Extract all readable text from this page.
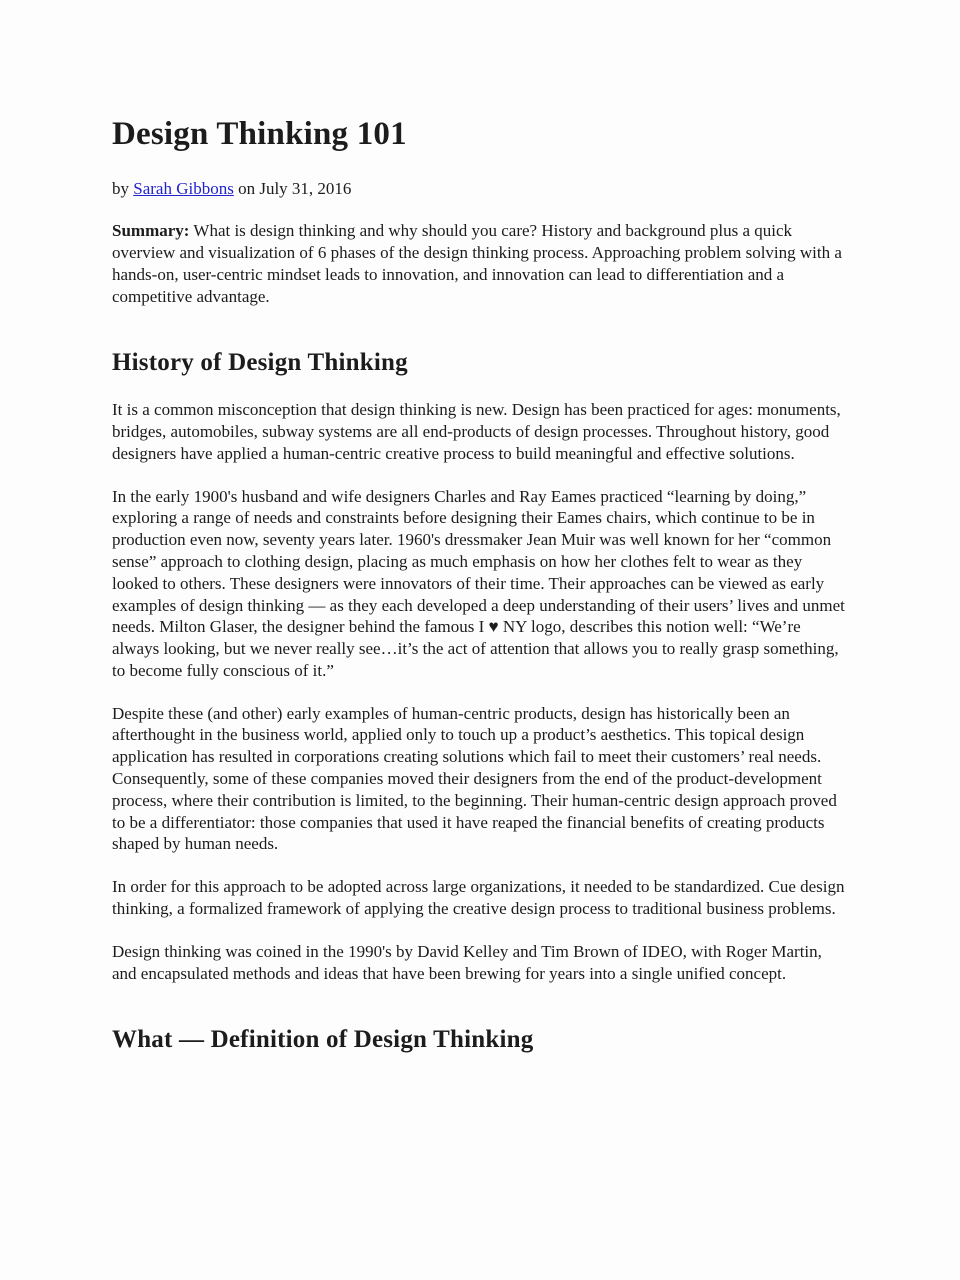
Design Thinking 101
by Sarah Gibbons on July 31, 2016

Summary: What is design thinking and why should you care? History and background plus a quick overview and visualization of 6 phases of the design thinking process. Approaching problem solving with a hands-on, user-centric mindset leads to innovation, and innovation can lead to differentiation and a competitive advantage.

History of Design Thinking

It is a common misconception that design thinking is new. Design has been practiced for ages: monuments, bridges, automobiles, subway systems are all end-products of design processes. Throughout history, good designers have applied a human-centric creative process to build meaningful and effective solutions.

In the early 1900's husband and wife designers Charles and Ray Eames practiced “learning by doing,” exploring a range of needs and constraints before designing their Eames chairs, which continue to be in production even now, seventy years later. 1960's dressmaker Jean Muir was well known for her “common sense” approach to clothing design, placing as much emphasis on how her clothes felt to wear as they looked to others. These designers were innovators of their time. Their approaches can be viewed as early examples of design thinking — as they each developed a deep understanding of their users’ lives and unmet needs. Milton Glaser, the designer behind the famous I ♥ NY logo, describes this notion well: “We’re always looking, but we never really see…it’s the act of attention that allows you to really grasp something, to become fully conscious of it.”

Despite these (and other) early examples of human-centric products, design has historically been an afterthought in the business world, applied only to touch up a product’s aesthetics. This topical design application has resulted in corporations creating solutions which fail to meet their customers’ real needs. Consequently, some of these companies moved their designers from the end of the product-development process, where their contribution is limited, to the beginning. Their human-centric design approach proved to be a differentiator: those companies that used it have reaped the financial benefits of creating products shaped by human needs.

In order for this approach to be adopted across large organizations, it needed to be standardized. Cue design thinking, a formalized framework of applying the creative design process to traditional business problems.

Design thinking was coined in the 1990's by David Kelley and Tim Brown of IDEO, with Roger Martin, and encapsulated methods and ideas that have been brewing for years into a single unified concept.

What — Definition of Design Thinking
